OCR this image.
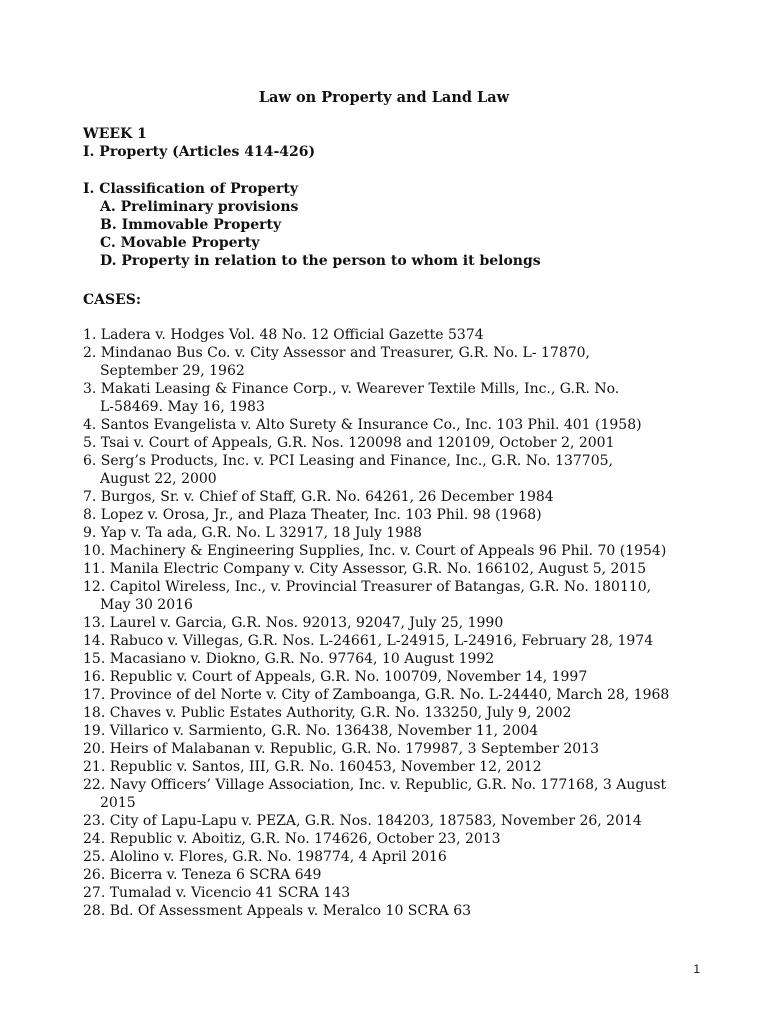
Law on Property and Land Law
WEEK 1
I. Property (Articles 414-426)
I. Classification of Property
A. Preliminary provisions
B. Immovable Property
C. Movable Property
D. Property in relation to the person to whom it belongs
CASES:
1. Ladera v. Hodges Vol. 48 No. 12 Official Gazette 5374
2. Mindanao Bus Co. v. City Assessor and Treasurer, G.R. No. L- 17870,
September 29, 1962
3. Makati Leasing & Finance Corp., v. Wearever Textile Mills, Inc., G.R. No.
L-58469. May 16, 1983
4. Santos Evangelista v. Alto Surety & Insurance Co., Inc. 103 Phil. 401 (1958)
5. Tsai v. Court of Appeals, G.R. Nos. 120098 and 120109, October 2, 2001
6. Serg’s Products, Inc. v. PCI Leasing and Finance, Inc., G.R. No. 137705,
August 22, 2000
7. Burgos, Sr. v. Chief of Staff, G.R. No. 64261, 26 December 1984
8. Lopez v. Orosa, Jr., and Plaza Theater, Inc. 103 Phil. 98 (1968)
9. Yap v. Ta ada, G.R. No. L 32917, 18 July 1988
10. Machinery & Engineering Supplies, Inc. v. Court of Appeals 96 Phil. 70 (1954)
11. Manila Electric Company v. City Assessor, G.R. No. 166102, August 5, 2015
12. Capitol Wireless, Inc., v. Provincial Treasurer of Batangas, G.R. No. 180110,
May 30 2016
13. Laurel v. Garcia, G.R. Nos. 92013, 92047, July 25, 1990
14. Rabuco v. Villegas, G.R. Nos. L-24661, L-24915, L-24916, February 28, 1974
15. Macasiano v. Diokno, G.R. No. 97764, 10 August 1992
16. Republic v. Court of Appeals, G.R. No. 100709, November 14, 1997
17. Province of del Norte v. City of Zamboanga, G.R. No. L-24440, March 28, 1968
18. Chaves v. Public Estates Authority, G.R. No. 133250, July 9, 2002
19. Villarico v. Sarmiento, G.R. No. 136438, November 11, 2004
20. Heirs of Malabanan v. Republic, G.R. No. 179987, 3 September 2013
21. Republic v. Santos, III, G.R. No. 160453, November 12, 2012
22. Navy Officers’ Village Association, Inc. v. Republic, G.R. No. 177168, 3 August
2015
23. City of Lapu-Lapu v. PEZA, G.R. Nos. 184203, 187583, November 26, 2014
24. Republic v. Aboitiz, G.R. No. 174626, October 23, 2013
25. Alolino v. Flores, G.R. No. 198774, 4 April 2016
26. Bicerra v. Teneza 6 SCRA 649
27. Tumalad v. Vicencio 41 SCRA 143
28. Bd. Of Assessment Appeals v. Meralco 10 SCRA 63
1
